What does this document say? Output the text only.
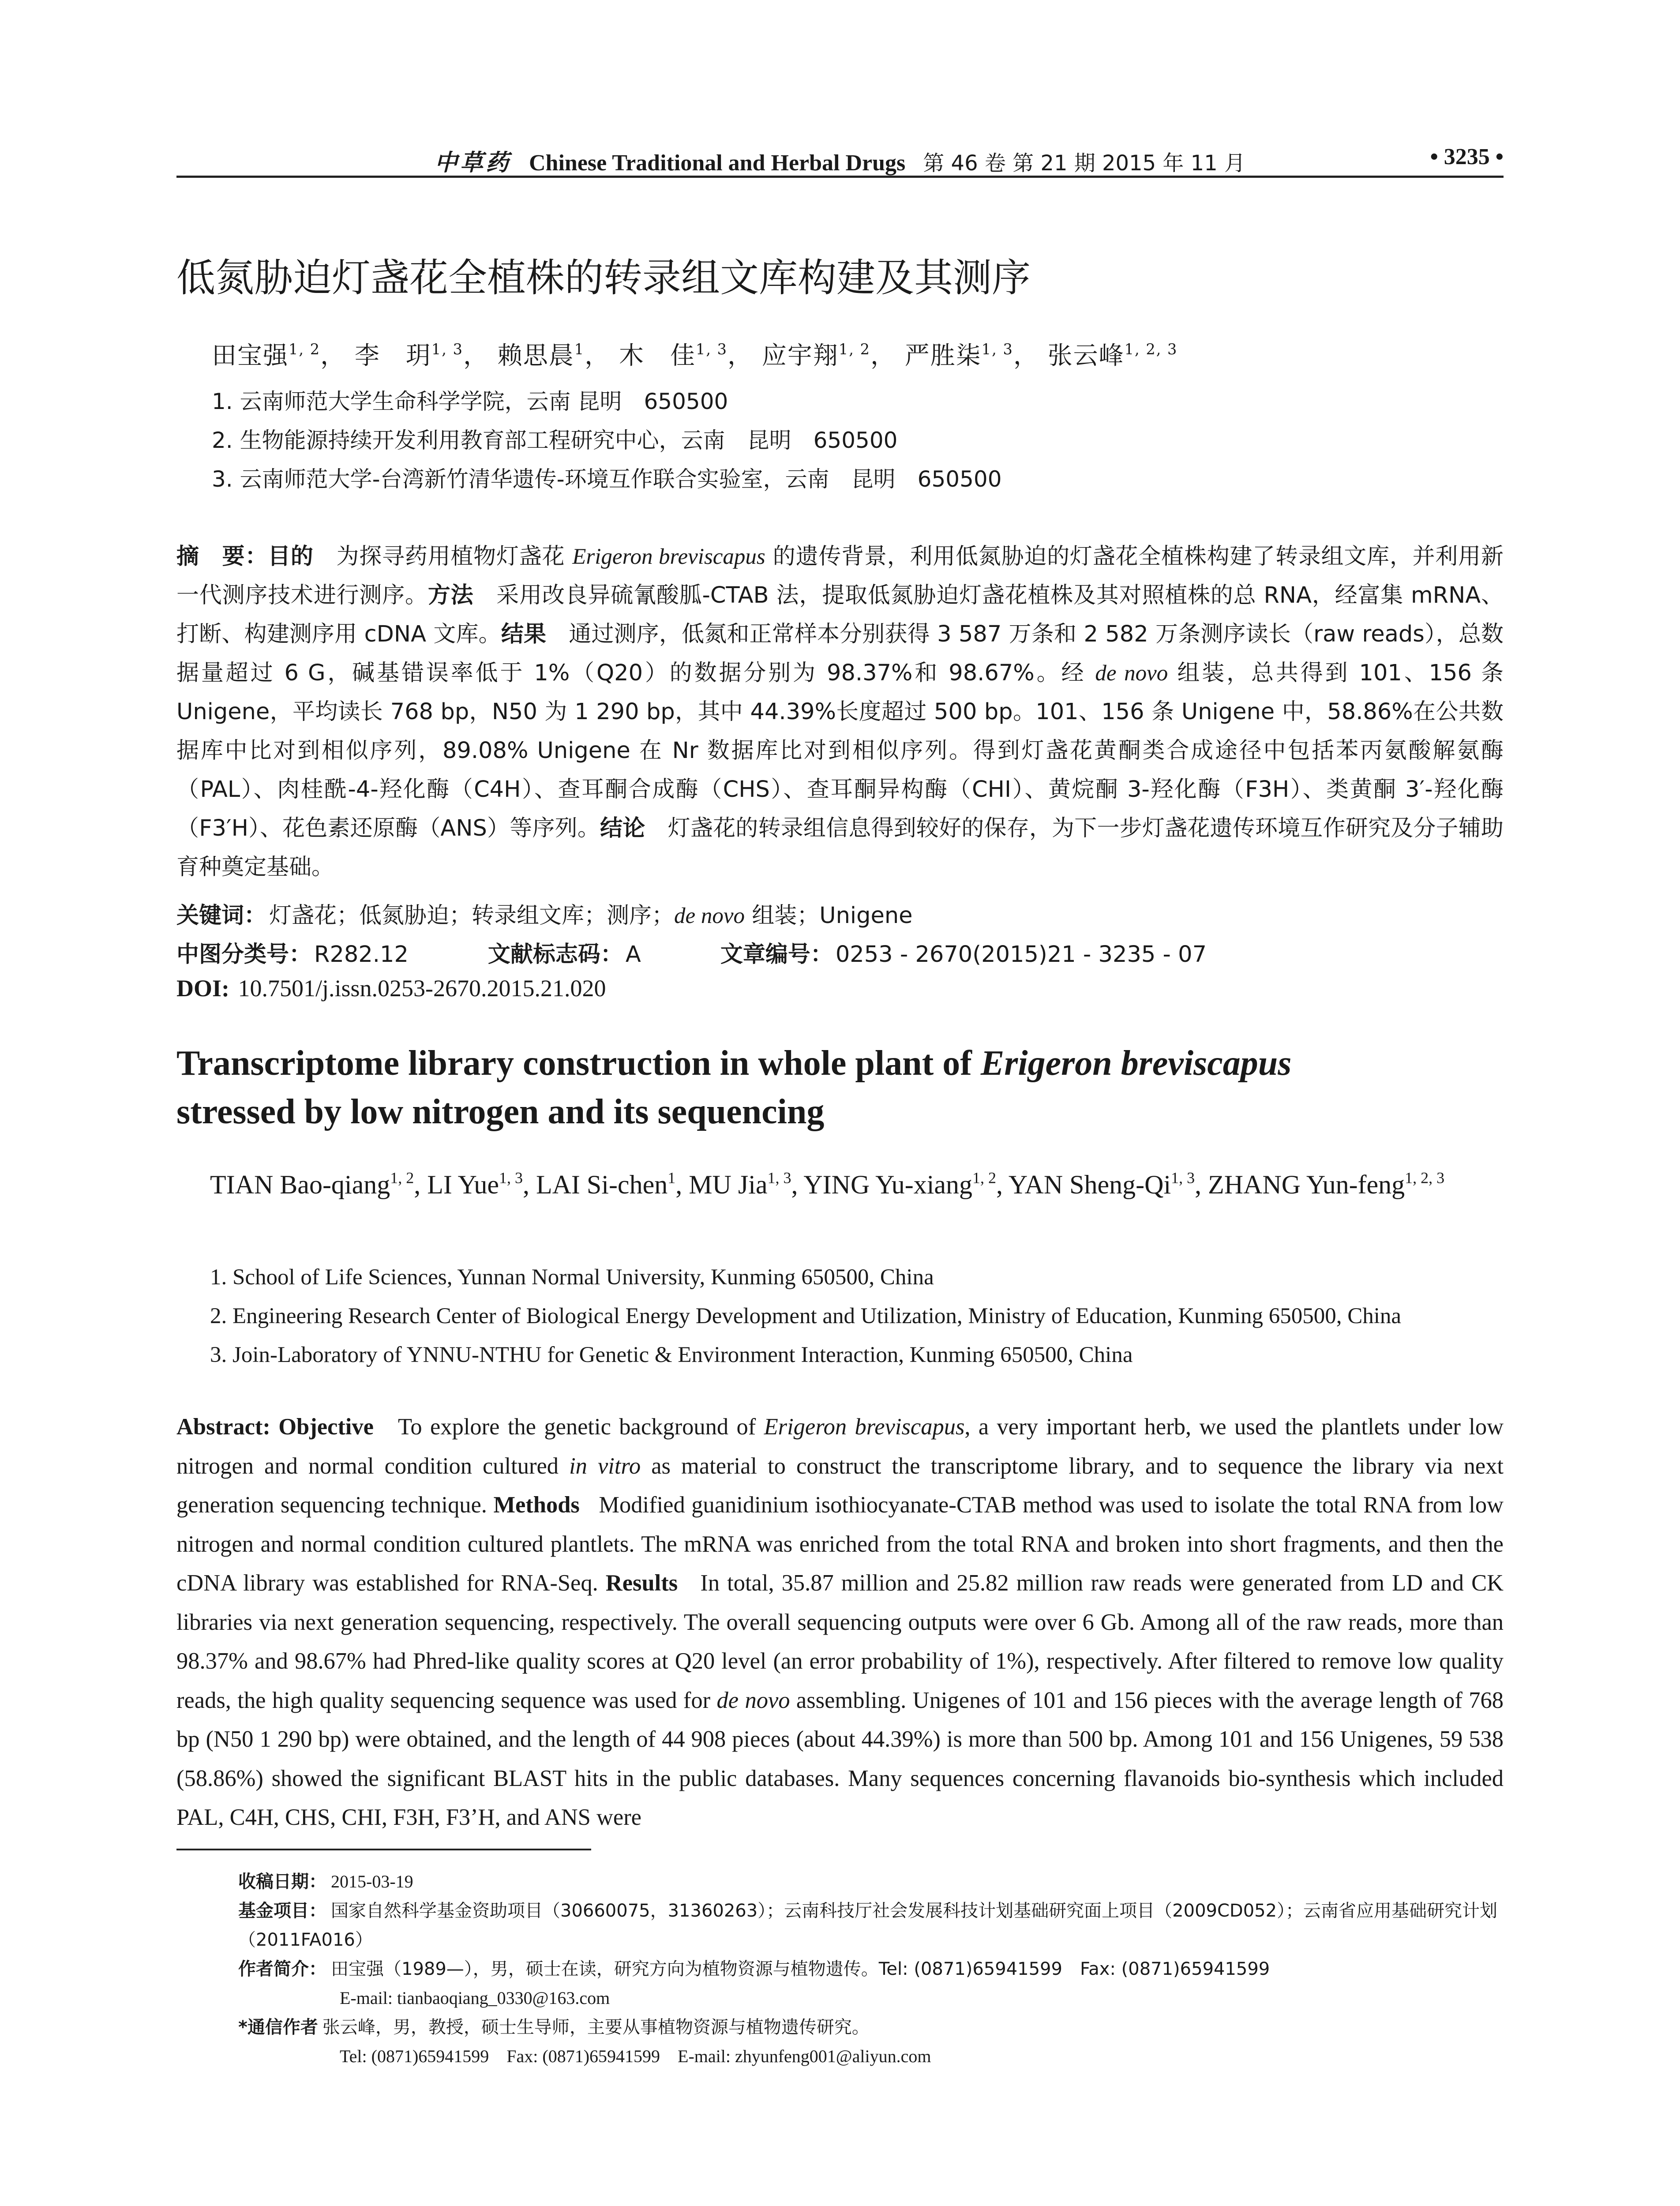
中草药 Chinese Traditional and Herbal Drugs 第 46 卷 第 21 期 2015 年 11 月	• 3235 •
低氮胁迫灯盏花全植株的转录组文库构建及其测序
田宝强$^{1, 2}$， 李　玥$^{1, 3}$， 赖思晨$^1$， 木　佳$^{1, 3}$， 应宇翔$^{1, 2}$， 严胜柒$^{1, 3}$， 张云峰$^{1, 2, 3}$
1. 云南师范大学生命科学学院，云南 昆明　650500
2. 生物能源持续开发利用教育部工程研究中心，云南　昆明　650500
3. 云南师范大学-台湾新竹清华遗传-环境互作联合实验室，云南　昆明　650500
摘　要：目的　 为探寻药用植物灯盏花 Erigeron breviscapus 的遗传背景，利用低氮胁迫的灯盏花全植株构建了转录组文库，并利用新一代测序技术进行测序。方法　 采用改良异硫氰酸胍-CTAB 法，提取低氮胁迫灯盏花植株及其对照植株的总 RNA，经富集 mRNA、打断、构建测序用 cDNA 文库。结果　 通过测序，低氮和正常样本分别获得 3 587 万条和 2 582 万条测序读长（raw reads），总数据量超过 6 G，碱基错误率低于 1%（Q20）的数据分别为 98.37%和 98.67%。经 de novo 组装，总共得到 101、156 条 Unigene，平均读长 768 bp，N50 为 1 290 bp，其中 44.39%长度超过 500 bp。101、156 条 Unigene 中，58.86%在公共数据库中比对到相似序列，89.08% Unigene 在 Nr 数据库比对到相似序列。得到灯盏花黄酮类合成途径中包括苯丙氨酸解氨酶（PAL）、肉桂酰-4-羟化酶（C4H）、查耳酮合成酶（CHS）、查耳酮异构酶（CHI）、黄烷酮 3-羟化酶（F3H）、类黄酮 3′-羟化酶（F3′H）、花色素还原酶（ANS）等序列。结论　 灯盏花的转录组信息得到较好的保存，为下一步灯盏花遗传环境互作研究及分子辅助育种奠定基础。
关键词： 灯盏花；低氮胁迫；转录组文库；测序；de novo 组装；Unigene
中图分类号： R282.12	文献标志码： A	文章编号： 0253 - 2670(2015)21 - 3235 - 07
DOI: 10.7501/j.issn.0253-2670.2015.21.020
Transcriptome library construction in whole plant of Erigeron breviscapus
stressed by low nitrogen and its sequencing
TIAN Bao-qiang$^{1, 2}$, LI Yue$^{1, 3}$, LAI Si-chen$^1$, MU Jia$^{1, 3}$, YING Yu-xiang$^{1, 2}$, YAN Sheng-Qi$^{1, 3}$, ZHANG Yun-feng$^{1, 2, 3}$
1. School of Life Sciences, Yunnan Normal University, Kunming 650500, China
2. Engineering Research Center of Biological Energy Development and Utilization, Ministry of Education, Kunming 650500, China
3. Join-Laboratory of YNNU-NTHU for Genetic & Environment Interaction, Kunming 650500, China
Abstract: Objective To explore the genetic background of Erigeron breviscapus, a very important herb, we used the plantlets under low nitrogen and normal condition cultured in vitro as material to construct the transcriptome library, and to sequence the library via next generation sequencing technique. Methods Modified guanidinium isothiocyanate-CTAB method was used to isolate the total RNA from low nitrogen and normal condition cultured plantlets. The mRNA was enriched from the total RNA and broken into short fragments, and then the cDNA library was established for RNA-Seq. Results In total, 35.87 million and 25.82 million raw reads were generated from LD and CK libraries via next generation sequencing, respectively. The overall sequencing outputs were over 6 Gb. Among all of the raw reads, more than 98.37% and 98.67% had Phred-like quality scores at Q20 level (an error probability of 1%), respectively. After filtered to remove low quality reads, the high quality sequencing sequence was used for de novo assembling. Unigenes of 101 and 156 pieces with the average length of 768 bp (N50 1 290 bp) were obtained, and the length of 44 908 pieces (about 44.39%) is more than 500 bp. Among 101 and 156 Unigenes, 59 538 (58.86%) showed the significant BLAST hits in the public databases. Many sequences concerning flavanoids bio-synthesis which included PAL, C4H, CHS, CHI, F3H, F3’H, and ANS were
收稿日期： 2015-03-19
基金项目： 国家自然科学基金资助项目（30660075，31360263）；云南科技厅社会发展科技计划基础研究面上项目（2009CD052）；云南省应用基础研究计划（2011FA016）
作者简介： 田宝强（1989—），男，硕士在读，研究方向为植物资源与植物遗传。Tel: (0871)65941599　Fax: (0871)65941599
E-mail: tianbaoqiang_0330@163.com
*通信作者 张云峰，男，教授，硕士生导师，主要从事植物资源与植物遗传研究。
Tel: (0871)65941599　Fax: (0871)65941599　E-mail: zhyunfeng001@aliyun.com
